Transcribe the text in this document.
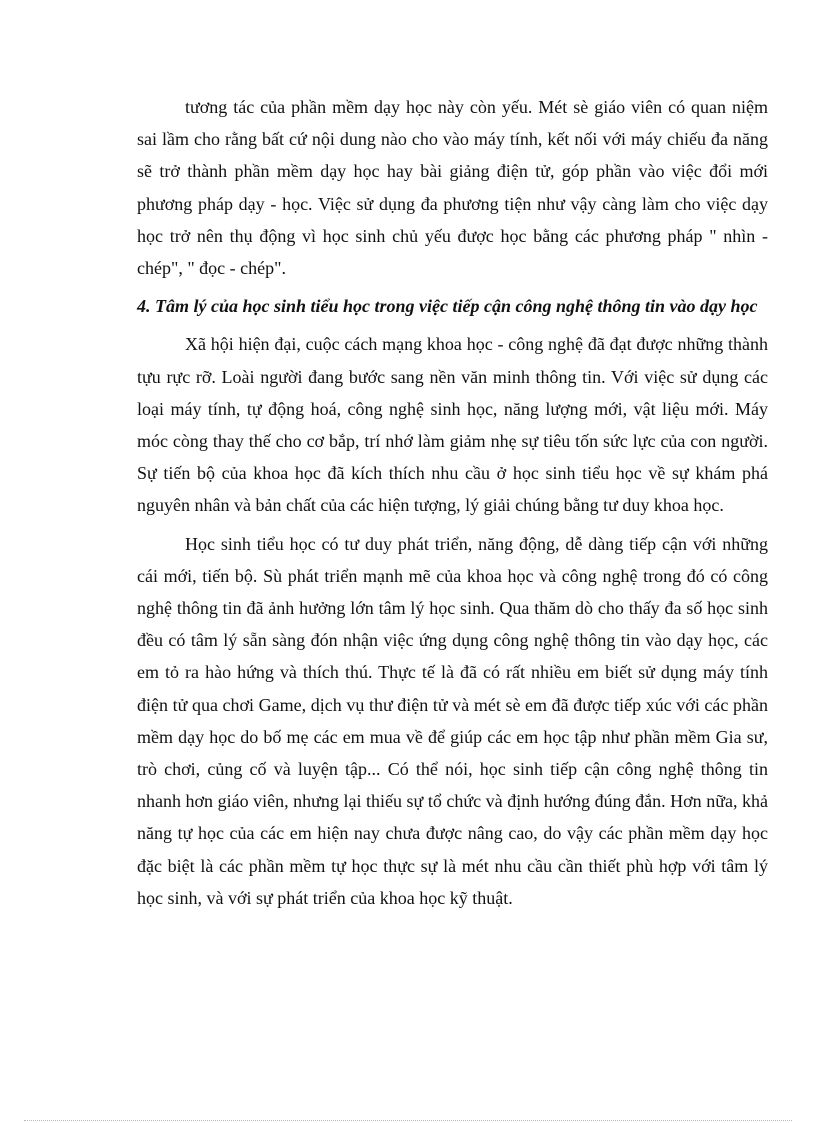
tương tác của phần mềm dạy học này còn yếu. Mét sè giáo viên có quan niệm sai lầm cho rằng bất cứ nội dung nào cho vào máy tính, kết nối với máy chiếu đa năng sẽ trở thành phần mềm dạy học hay bài giảng điện tử, góp phần vào việc đổi mới phương pháp dạy - học. Việc sử dụng đa phương tiện như vậy càng làm cho việc dạy học trở nên thụ động vì học sinh chủ yếu được học bằng các phương pháp " nhìn - chép", " đọc - chép".

4. Tâm lý của học sinh tiểu học trong việc tiếp cận công nghệ thông tin vào dạy học

Xã hội hiện đại, cuộc cách mạng khoa học - công nghệ đã đạt được những thành tựu rực rỡ. Loài người đang bước sang nền văn minh thông tin. Với việc sử dụng các loại máy tính, tự động hoá, công nghệ sinh học, năng lượng mới, vật liệu mới. Máy móc còng thay thế cho cơ bắp, trí nhớ làm giảm nhẹ sự tiêu tốn sức lực của con người. Sự tiến bộ của khoa học đã kích thích nhu cầu ở học sinh tiểu học về sự khám phá nguyên nhân và bản chất của các hiện tượng, lý giải chúng bằng tư duy khoa học.

Học sinh tiểu học có tư duy phát triển, năng động, dễ dàng tiếp cận với những cái mới, tiến bộ. Sù phát triển mạnh mẽ của khoa học và công nghệ trong đó có công nghệ thông tin đã ảnh hưởng lớn tâm lý học sinh. Qua thăm dò cho thấy đa số học sinh đều có tâm lý sẵn sàng đón nhận việc ứng dụng công nghệ thông tin vào dạy học, các em tỏ ra hào hứng và thích thú. Thực tế là đã có rất nhiều em biết sử dụng máy tính điện tử qua chơi Game, dịch vụ thư điện tử và mét sè em đã được tiếp xúc với các phần mềm dạy học do bố mẹ các em mua về để giúp các em học tập như phần mềm Gia sư, trò chơi, củng cố và luyện tập... Có thể nói, học sinh tiếp cận công nghệ thông tin nhanh hơn giáo viên, nhưng lại thiếu sự tổ chức và định hướng đúng đắn. Hơn nữa, khả năng tự học của các em hiện nay chưa được nâng cao, do vậy các phần mềm dạy học đặc biệt là các phần mềm tự học thực sự là mét nhu cầu cần thiết phù hợp với tâm lý học sinh, và với sự phát triển của khoa học kỹ thuật.
